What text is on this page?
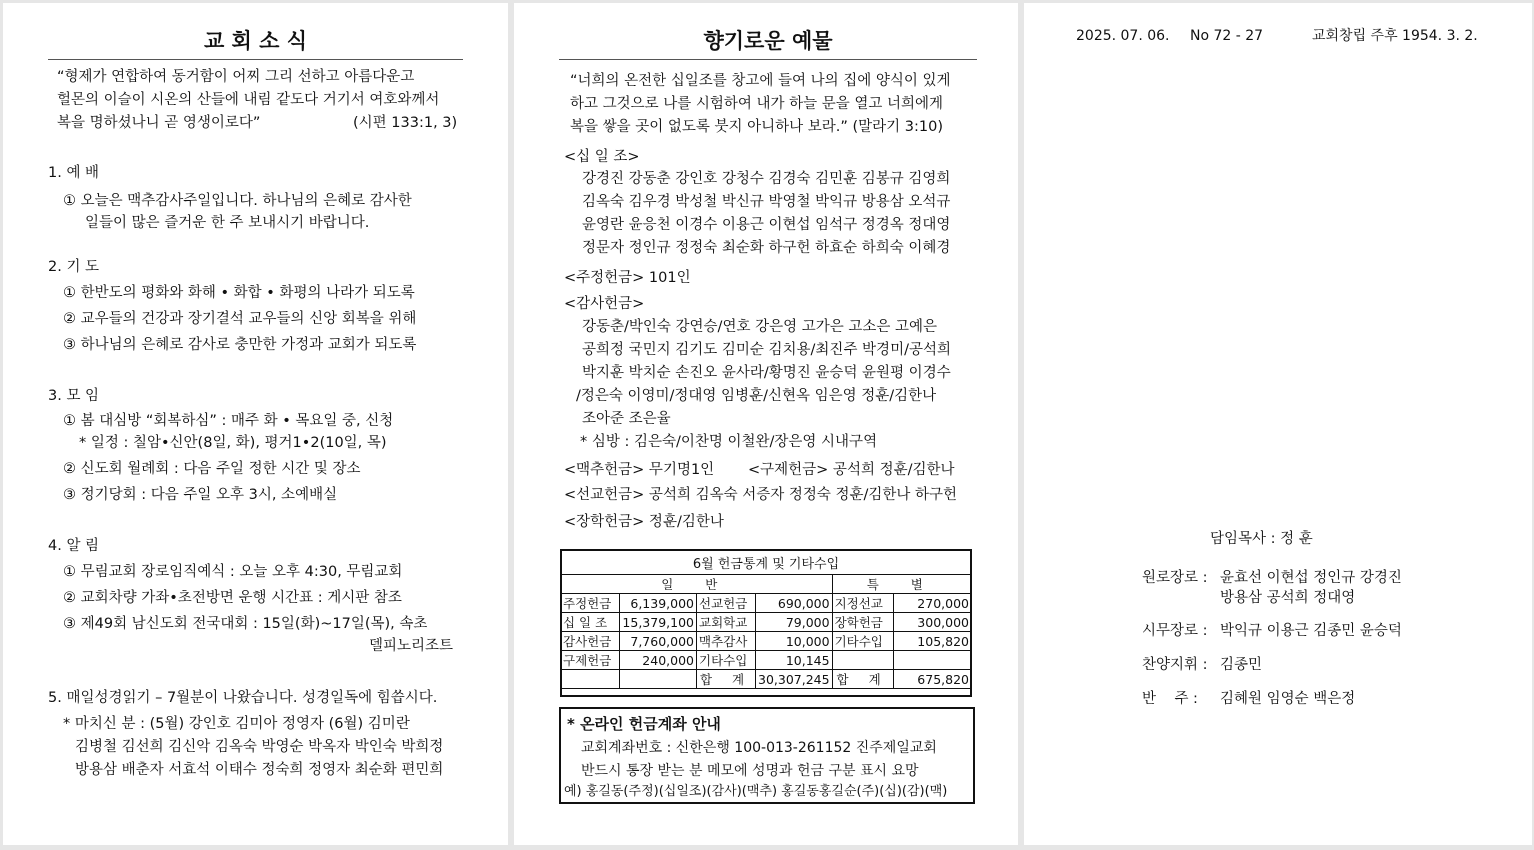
교 회 소 식
“형제가 연합하여 동거함이 어찌 그리 선하고 아름다운고
헐몬의 이슬이 시온의 산들에 내림 같도다 거기서 여호와께서
복을 명하셨나니 곧 영생이로다”	(시편 133:1, 3)
1. 예 배
① 오늘은 맥추감사주일입니다. 하나님의 은혜로 감사한
일들이 많은 즐거운 한 주 보내시기 바랍니다.
2. 기 도
① 한반도의 평화와 화해 • 화합 • 화평의 나라가 되도록
② 교우들의 건강과 장기결석 교우들의 신앙 회복을 위해
③ 하나님의 은혜로 감사로 충만한 가정과 교회가 되도록
3. 모 임
① 봄 대심방 “회복하심” : 매주 화 • 목요일 중, 신청
* 일정 : 칠암•신안(8일, 화), 평거1•2(10일, 목)
② 신도회 월례회 : 다음 주일 정한 시간 및 장소
③ 정기당회 : 다음 주일 오후 3시, 소예배실
4. 알 림
① 무림교회 장로임직예식 : 오늘 오후 4:30, 무림교회
② 교회차량 가좌•초전방면 운행 시간표 : 게시판 참조
③ 제49회 남신도회 전국대회 : 15일(화)~17일(목), 속초
델피노리조트
5. 매일성경읽기 – 7월분이 나왔습니다. 성경일독에 힘씁시다.
* 마치신 분 : (5월) 강인호 김미아 정영자 (6월) 김미란
김병철 김선희 김신악 김옥숙 박영순 박옥자 박인숙 박희정
방용삼 배춘자 서효석 이태수 정숙희 정영자 최순화 편민희
향기로운 예물
“너희의 온전한 십일조를 창고에 들여 나의 집에 양식이 있게
하고 그것으로 나를 시험하여 내가 하늘 문을 열고 너희에게
복을 쌓을 곳이 없도록 붓지 아니하나 보라.” (말라기 3:10)
<십 일 조>
강경진 강동춘 강인호 강청수 김경숙 김민훈 김봉규 김영희
김옥숙 김우경 박성철 박신규 박영철 박익규 방용삼 오석규
윤영란 윤응천 이경수 이용근 이현섭 임석구 정경옥 정대영
정문자 정인규 정정숙 최순화 하구헌 하효순 하희숙 이혜경
<주정헌금> 101인
<감사헌금>
강동춘/박인숙 강연승/연호 강은영 고가은 고소은 고예은
공희정 국민지 김기도 김미순 김치용/최진주 박경미/공석희
박지훈 박치순 손진오 윤사라/황명진 윤승덕 윤원평 이경수
/정은숙 이영미/정대영 임병훈/신현옥 임은영 정훈/김한나
조아준 조은율
* 심방 : 김은숙/이찬명 이철완/장은영 시내구역
<맥추헌금> 무기명1인 <구제헌금> 공석희 정훈/김한나
<선교헌금> 공석희 김옥숙 서증자 정정숙 정훈/김한나 하구헌
<장학헌금> 정훈/김한나
6월 헌금통계 및 기타수입					
일 반				특 별	
주정헌금	6,139,000	선교헌금	690,000	지정선교	270,000
십 일 조	15,379,100	교회학교	79,000	장학헌금	300,000
감사헌금	7,760,000	맥추감사	10,000	기타수입	105,820
구제헌금	240,000	기타수입	10,145		
		합 계	30,307,245	합 계	675,820
* 온라인 헌금계좌 안내
교회계좌번호 : 신한은행 100-013-261152 진주제일교회
반드시 통장 받는 분 메모에 성명과 헌금 구분 표시 요망
예) 홍길동(주정)(십일조)(감사)(맥추) 홍길동홍길순(주)(십)(감)(맥)
2025. 07. 06. No 72 - 27	교회창립 주후 1954. 3. 2.
담임목사 : 정 훈
원로장로 : 윤효선 이현섭 정인규 강경진
방용삼 공석희 정대영
시무장로 : 박익규 이용근 김종민 윤승덕
찬양지휘 : 김종민
반    주 : 김혜원 임영순 백은정
